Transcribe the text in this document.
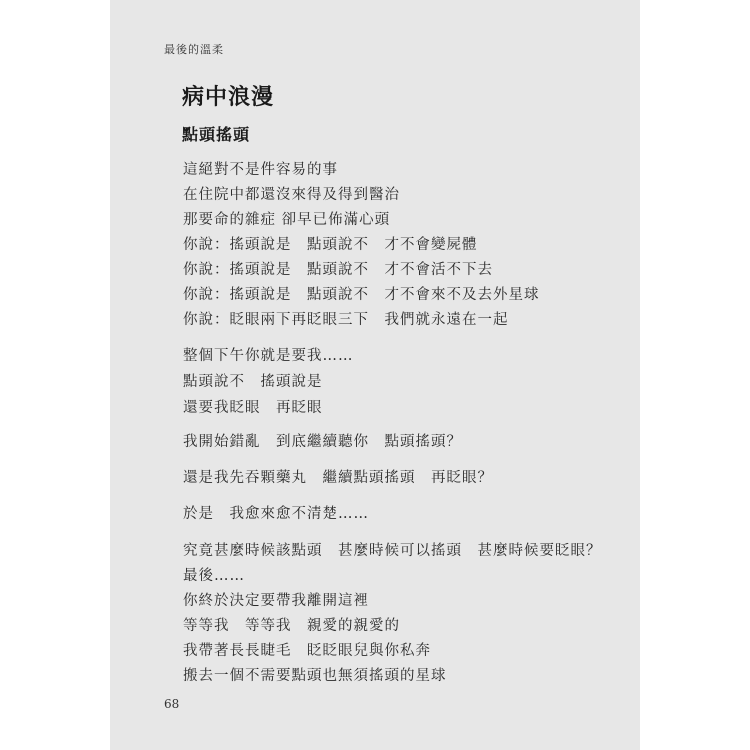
最後的溫柔
病中浪漫
點頭搖頭
這絕對不是件容易的事
在住院中都還沒來得及得到醫治
那要命的雜症 卻早已佈滿心頭
你說：搖頭說是　點頭說不　才不會變屍體
你說：搖頭說是　點頭說不　才不會活不下去
你說：搖頭說是　點頭說不　才不會來不及去外星球
你說：眨眼兩下再眨眼三下　我們就永遠在一起
整個下午你就是要我……
點頭說不　搖頭說是
還要我眨眼　再眨眼
我開始錯亂　到底繼續聽你　點頭搖頭？
還是我先吞顆藥丸　繼續點頭搖頭　再眨眼？
於是　我愈來愈不清楚……
究竟甚麼時候該點頭　甚麼時候可以搖頭　甚麼時候要眨眼？
最後……
你終於決定要帶我離開這裡
等等我　等等我　親愛的親愛的
我帶著長長睫毛　眨眨眼兒與你私奔
搬去一個不需要點頭也無須搖頭的星球
68
